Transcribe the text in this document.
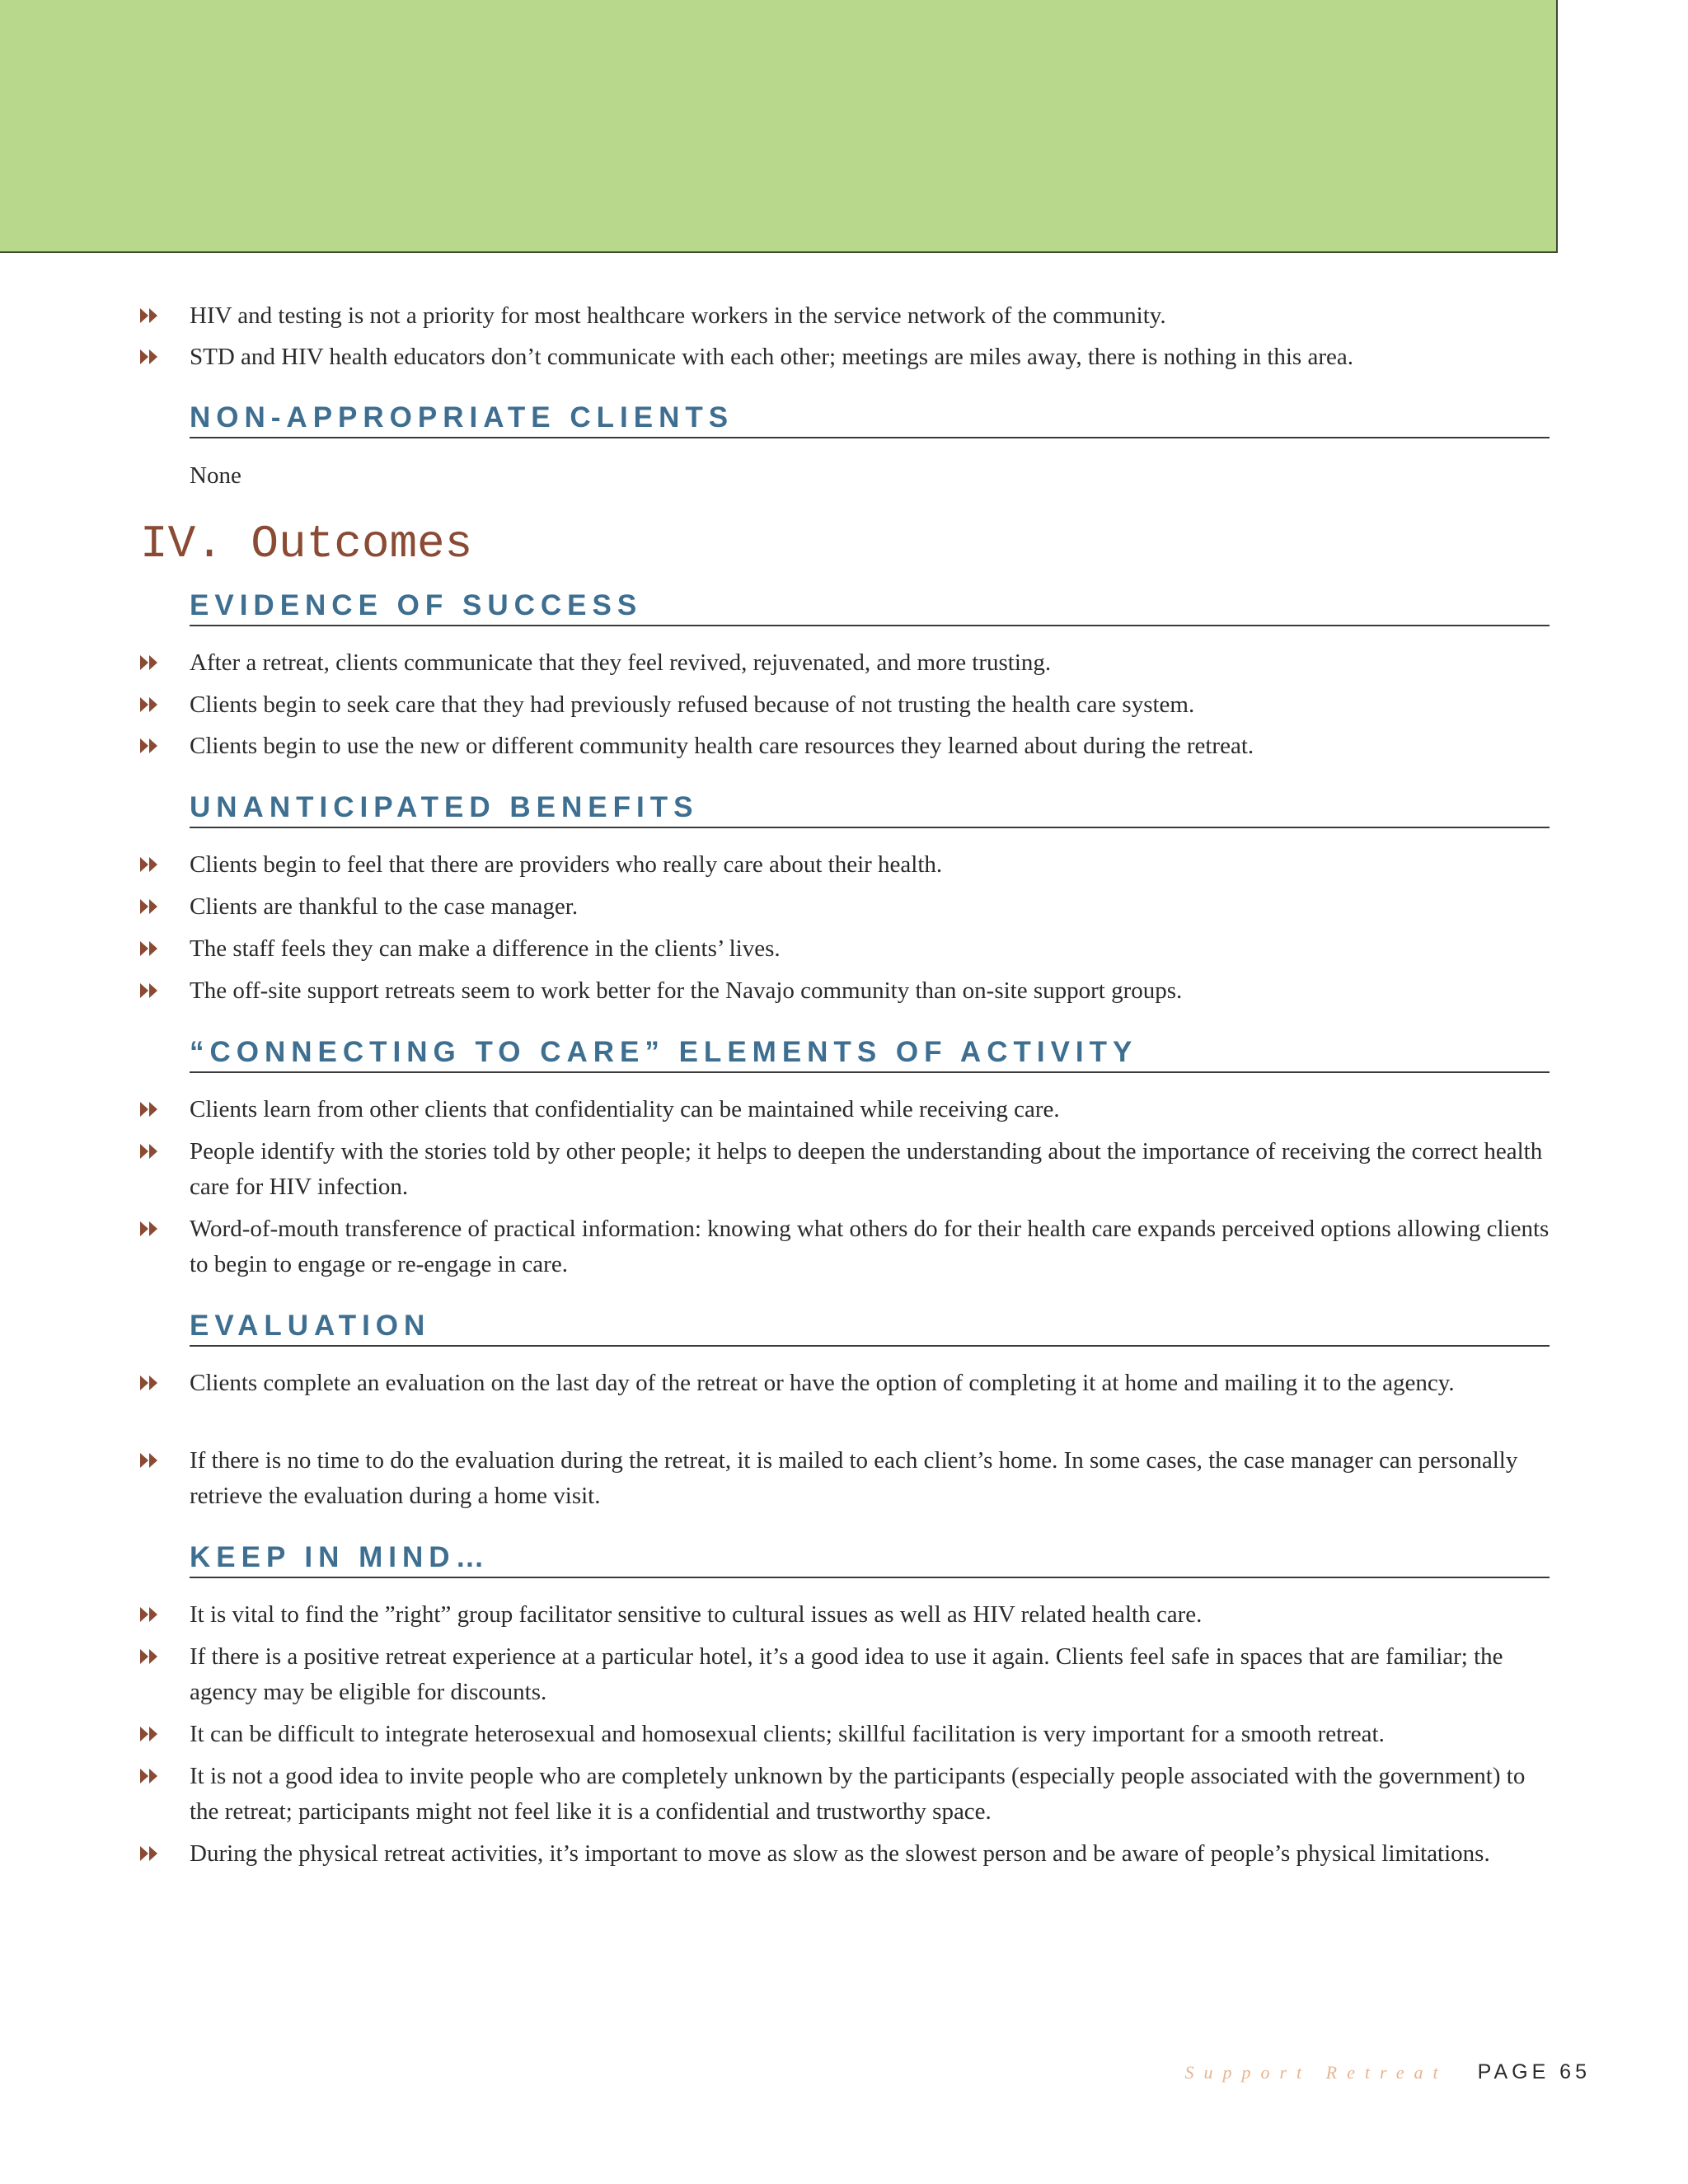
HIV and testing is not a priority for most healthcare workers in the service network of the community.
STD and HIV health educators don’t communicate with each other; meetings are miles away, there is nothing in this area.
NON-APPROPRIATE CLIENTS
None
IV. Outcomes
EVIDENCE OF SUCCESS
After a retreat, clients communicate that they feel revived, rejuvenated, and more trusting.
Clients begin to seek care that they had previously refused because of not trusting the health care system.
Clients begin to use the new or different community health care resources they learned about during the retreat.
UNANTICIPATED BENEFITS
Clients begin to feel that there are providers who really care about their health.
Clients are thankful to the case manager.
The staff feels they can make a difference in the clients’ lives.
The off-site support retreats seem to work better for the Navajo community than on-site support groups.
“CONNECTING TO CARE” ELEMENTS OF ACTIVITY
Clients learn from other clients that confidentiality can be maintained while receiving care.
People identify with the stories told by other people; it helps to deepen the understanding about the importance of receiving the correct health care for HIV infection.
Word-of-mouth transference of practical information: knowing what others do for their health care expands perceived options allowing clients to begin to engage or re-engage in care.
EVALUATION
Clients complete an evaluation on the last day of the retreat or have the option of completing it at home and mailing it to the agency.
If there is no time to do the evaluation during the retreat, it is mailed to each client’s home. In some cases, the case manager can personally retrieve the evaluation during a home visit.
KEEP IN MIND…
It is vital to find the ”right” group facilitator sensitive to cultural issues as well as HIV related health care.
If there is a positive retreat experience at a particular hotel, it’s a good idea to use it again. Clients feel safe in spaces that are familiar; the agency may be eligible for discounts.
It can be difficult to integrate heterosexual and homosexual clients; skillful facilitation is very important for a smooth retreat.
It is not a good idea to invite people who are completely unknown by the participants (especially people associated with the government) to the retreat; participants might not feel like it is a confidential and trustworthy space.
During the physical retreat activities, it’s important to move as slow as the slowest person and be aware of people’s physical limitations.
Support Retreat PAGE 65
